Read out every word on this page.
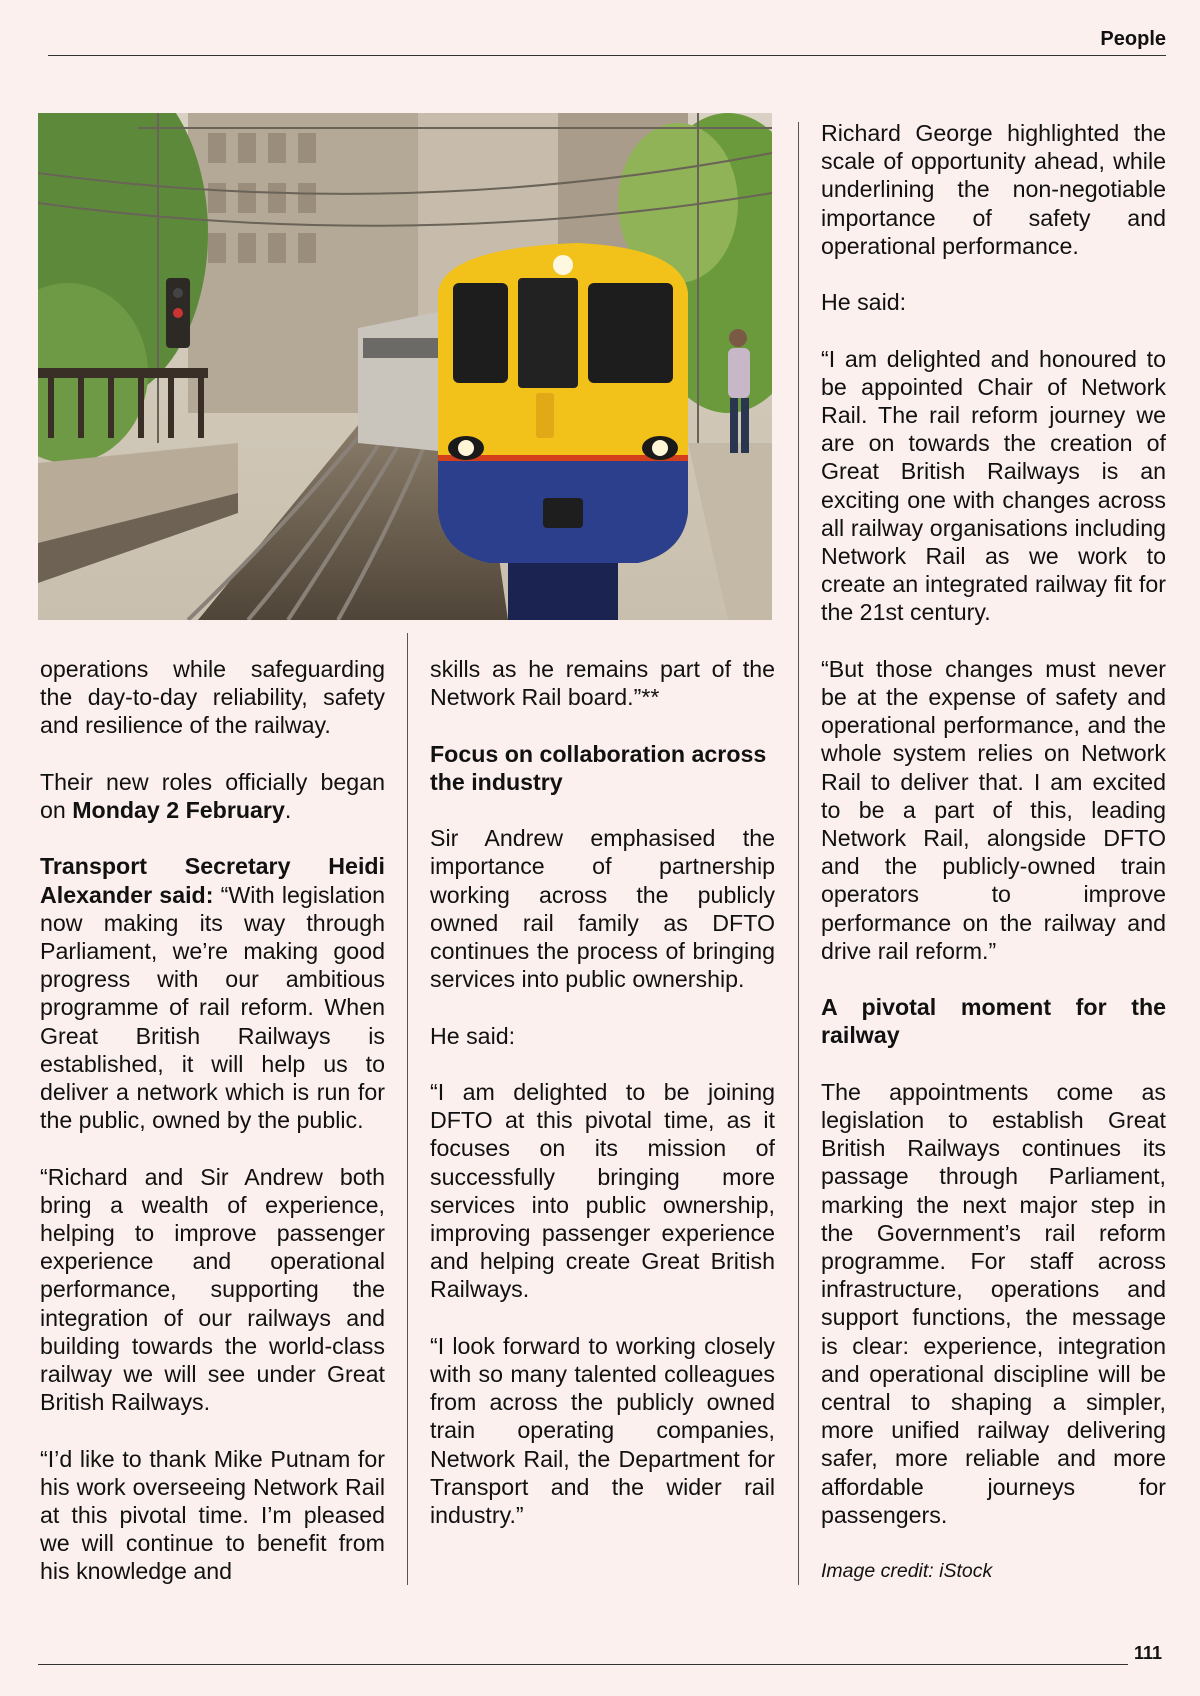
People

operations while safeguarding the day-to-day reliability, safety and resilience of the railway.

Their new roles officially began on Monday 2 February.

Transport Secretary Heidi Alexander said: “With legislation now making its way through Parliament, we’re making good progress with our ambitious programme of rail reform. When Great British Railways is established, it will help us to deliver a network which is run for the public, owned by the public.

“Richard and Sir Andrew both bring a wealth of experience, helping to improve passenger experience and operational performance, supporting the integration of our railways and building towards the world-class railway we will see under Great British Railways.

“I’d like to thank Mike Putnam for his work overseeing Network Rail at this pivotal time. I’m pleased we will continue to benefit from his knowledge and

skills as he remains part of the Network Rail board.”**

Focus on collaboration across the industry

Sir Andrew emphasised the importance of partnership working across the publicly owned rail family as DFTO continues the process of bringing services into public ownership.

He said:

“I am delighted to be joining DFTO at this pivotal time, as it focuses on its mission of successfully bringing more services into public ownership, improving passenger experience and helping create Great British Railways.

“I look forward to working closely with so many talented colleagues from across the publicly owned train operating companies, Network Rail, the Department for Transport and the wider rail industry.”

Richard George highlighted the scale of opportunity ahead, while underlining the non-negotiable importance of safety and operational performance.

He said:

“I am delighted and honoured to be appointed Chair of Network Rail. The rail reform journey we are on towards the creation of Great British Railways is an exciting one with changes across all railway organisations including Network Rail as we work to create an integrated railway fit for the 21st century.

“But those changes must never be at the expense of safety and operational performance, and the whole system relies on Network Rail to deliver that. I am excited to be a part of this, leading Network Rail, alongside DFTO and the publicly-owned train operators to improve performance on the railway and drive rail reform.”

A pivotal moment for the railway

The appointments come as legislation to establish Great British Railways continues its passage through Parliament, marking the next major step in the Government’s rail reform programme. For staff across infrastructure, operations and support functions, the message is clear: experience, integration and operational discipline will be central to shaping a simpler, more unified railway delivering safer, more reliable and more affordable journeys for passengers.

Image credit: iStock

111
